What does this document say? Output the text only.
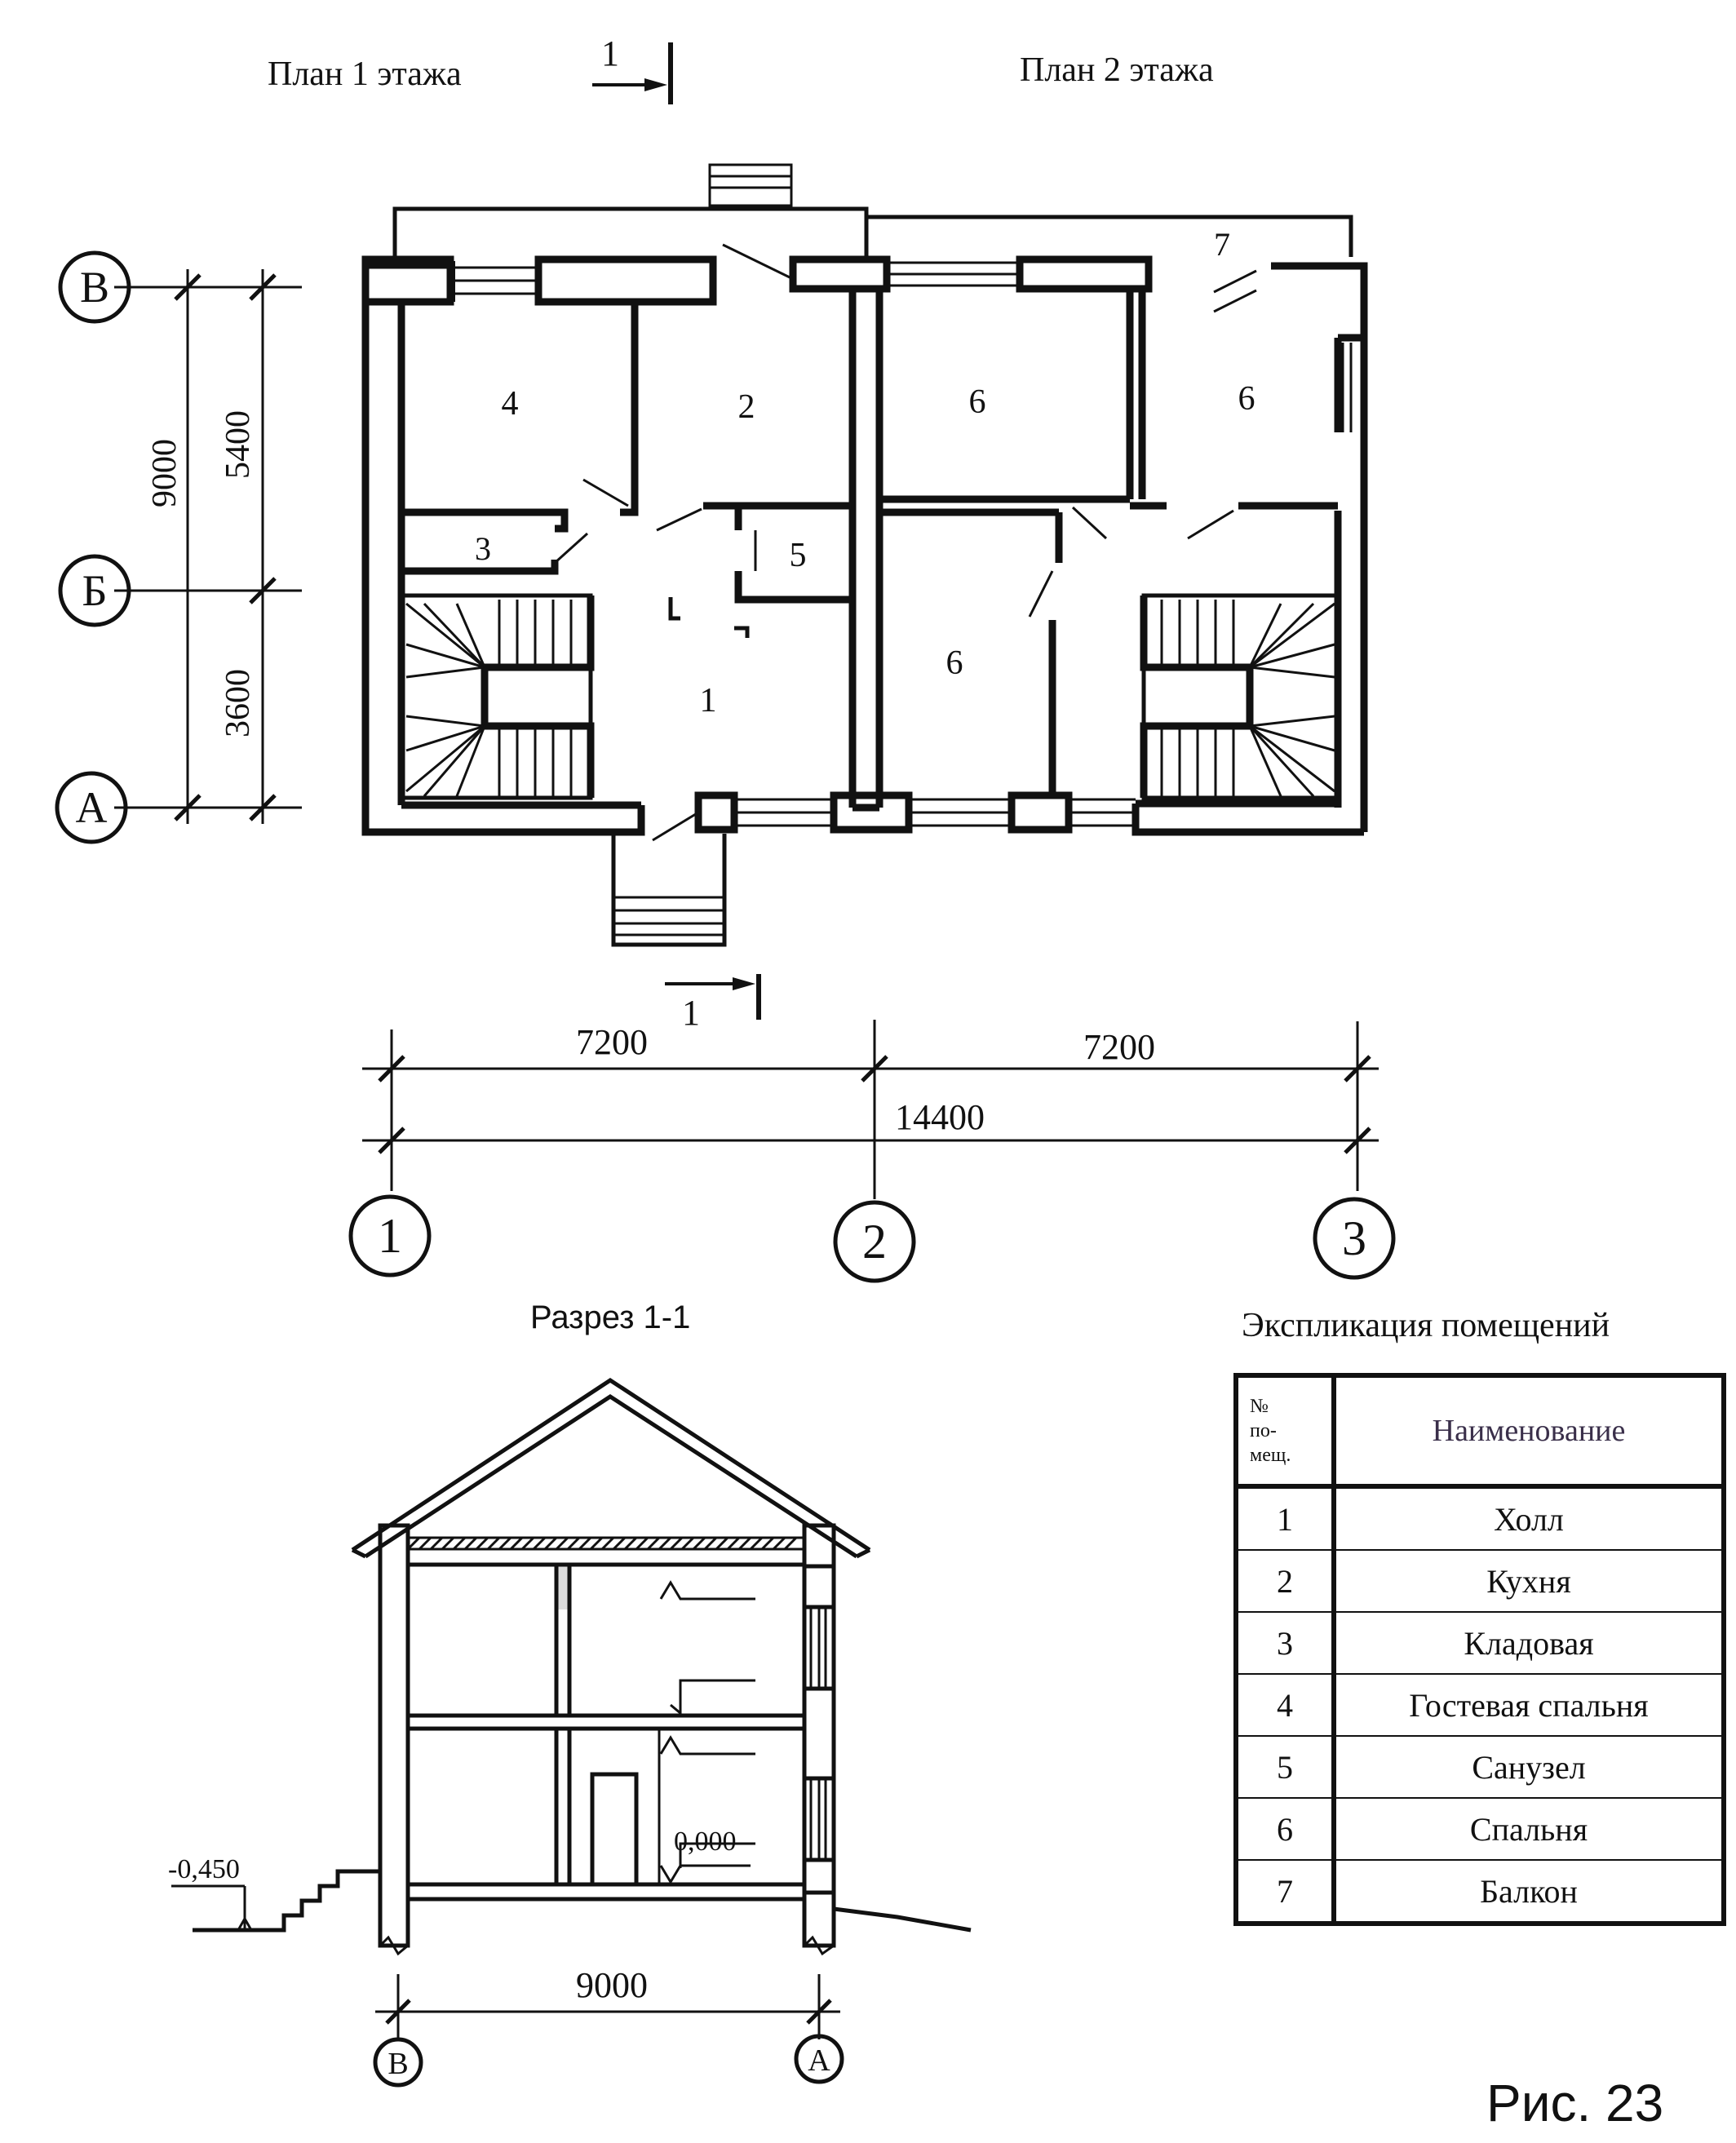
План 1 этажа	План 2 этажа
1
1
4	2
3	5
1
6	6
6
7
В
Б
А
9000 5400
3600
7200	7200
14400
1	2	3
Разрез 1-1
0,000
-0,450
9000
В	А
Экспликация помещений
Рис. 23
№
по-
мещ.	Наименование
1	Холл
2	Кухня
3	Кладовая
4	Гостевая спальня
5	Санузел
6	Спальня
7	Балкон
